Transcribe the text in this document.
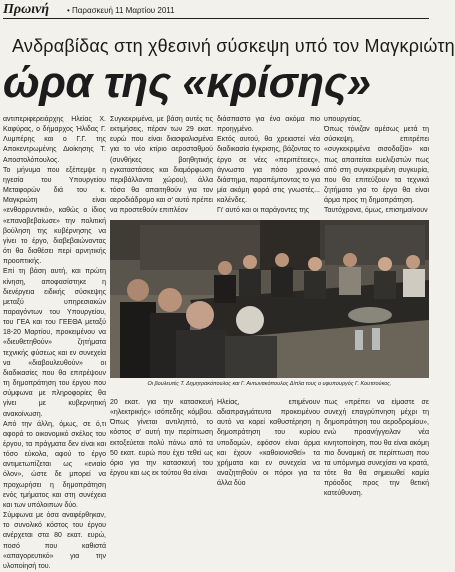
Πρωινή • Παρασκευή 11 Μαρτίου 2011
Ανδραβίδας στη χθεσινή σύσκεψη υπό τον Μαγκριώτη
ώρα της «κρίσης»

αντιπεριφερειάρχης Ηλείας Χ. Καφύρας, ο δήμαρχος Ήλιδας Γ. Λυμπέρης και ο Γ.Γ. της Αποκεντρωμένης Διοίκησης Τ. Αποστολόπουλος.

Το μήνυμα που εξέπεμψε η ηγεσία του Υπουργείου Μεταφορών διά του κ. Μαγκριώτη είναι «ενθαρρυντικό», καθώς ο ίδιος «επαναβεβαίωσε» την πολιτική βούληση της κυβέρνησης να γίνει το έργο, διαβεβαιώνοντας ότι θα διαθέσει περί αρνητικής προοπτικής.

Επί τη βάση αυτή, και πρώτη κίνηση, αποφασίστηκε η διενέργεια ειδικής σύσκεψης μεταξύ υπηρεσιακών παραγόντων του Υπουργείου, του ΓΕΑ και του ΓΕΕΘΑ μεταξύ 18-20 Μαρτίου, προκειμένου να «διευθετηθούν» ζητήματα τεχνικής φύσεως και εν συνεχεία να «διαβουλευθούν» οι διαδικασίες που θα επιτρέψουν τη δημοπράτηση του έργου που σύμφωνα με πληροφορίες θα γίνει με κυβερνητική ανακοίνωση.

Από την άλλη, όμως, σε ό,τι αφορά το οικονομικό σκέλος του έργου, τα πράγματα δεν είναι και τόσο εύκολα, αφού το έργο αντιμετωπίζεται ως «ενιαίο όλον», ώστε δε μπορεί να προχωρήσει η δημοπράτηση ενός τμήματος και στη συνέχεια και των υπόλοιπων δύο.

Σύμφωνα με όσα αναφέρθηκαν, το συνολικό κόστος του έργου ανέρχεται στα 80 εκατ. ευρώ, ποσό που καθιστά «απαγορευτικό» για την υλοποίησή του.

Συγκεκριμένα, με βάση αυτές τις εκτιμήσεις, πέραν των 29 εκατ. ευρώ που είναι διασφαλισμένα για το νέο κτίριο αεροσταθμού (συνθήκες βοηθητικής εγκαταστάσεις και διαμόρφωση περιβάλλοντα χώρου), άλλα τόσα θα απαιτηθούν για τον αεροδιάδρομο και σ' αυτό πρέπει να προστεθούν επιπλέον

διάσπαστο για ένα ακόμα πιο προηγμένο.

Εκτός αυτού, θα χρειαστεί νέα διαδικασία έγκρισης, βάζοντας το έργο σε νέες «περιπέτειες», άγνωστο για πόσο χρονικό διάστημα, παραπέμποντας το για μία ακόμη φορά στις γνωστές... καλένδες.

Γι' αυτό και οι παράγοντες της

υπουργείας.

Όπως τόνιζαν αμέσως μετά τη σύσκεψη, επιτρέπει «συγκεκριμένα σισοδαξία» και πως απαιτείται ευελιξιστών πως από στη συγκεκριμένη συγκυρία, που θα επιτεύξουν τα τεχνικά ζητήματα για το έργο θα είναι άρμα προς τη δημοπράτηση.

Ταυτόχρονα, όμως, επισημαίνουν

Οι βουλευτές Τ. Δημητρακόπουλος και Γ. Αντωνακόπουλος Δίπλα τους ο υφυπουργός Γ. Κουτσούκος.

20 εκατ. για την κατασκευή «ηλεκτρικής» ισόπεδης κόμβου. Όπως γίνεται αντιληπτό, το κόστος σ' αυτή την περίπτωση εκτοξεύεται πολύ πάνω από τα 50 εκατ. ευρώ που έχει τεθεί ως όριο για την κατασκευή του έργου και ως εκ τούτου θα είναι

Ηλείας, επιμένουν αδιαπραγμάτευτα προκειμένου αυτό να καρεί καθυστέρηση η δημοπράτηση του κυρίου υποδομών, εφόσον είναι άρμα και έχουν «καθοιονισθεί» τα χρήματα και εν συνεχεία να αναζητηθούν οι πόροι για τα άλλα δύο

πως «πρέπει να είμαστε σε συνεχή επαγρύπνηση μέχρι τη δημοπράτηση του αεροδρομίου», ενώ προανήγγειλαν νέα κινητοποίηση, που θα είναι ακόμη πιο δυναμική σε περίπτωση που τα υπόμνημα συνεχίσει να κρατά, τότε θα θα σημειωθεί καμία πρόοδος προς την θετική κατεύθυνση.
